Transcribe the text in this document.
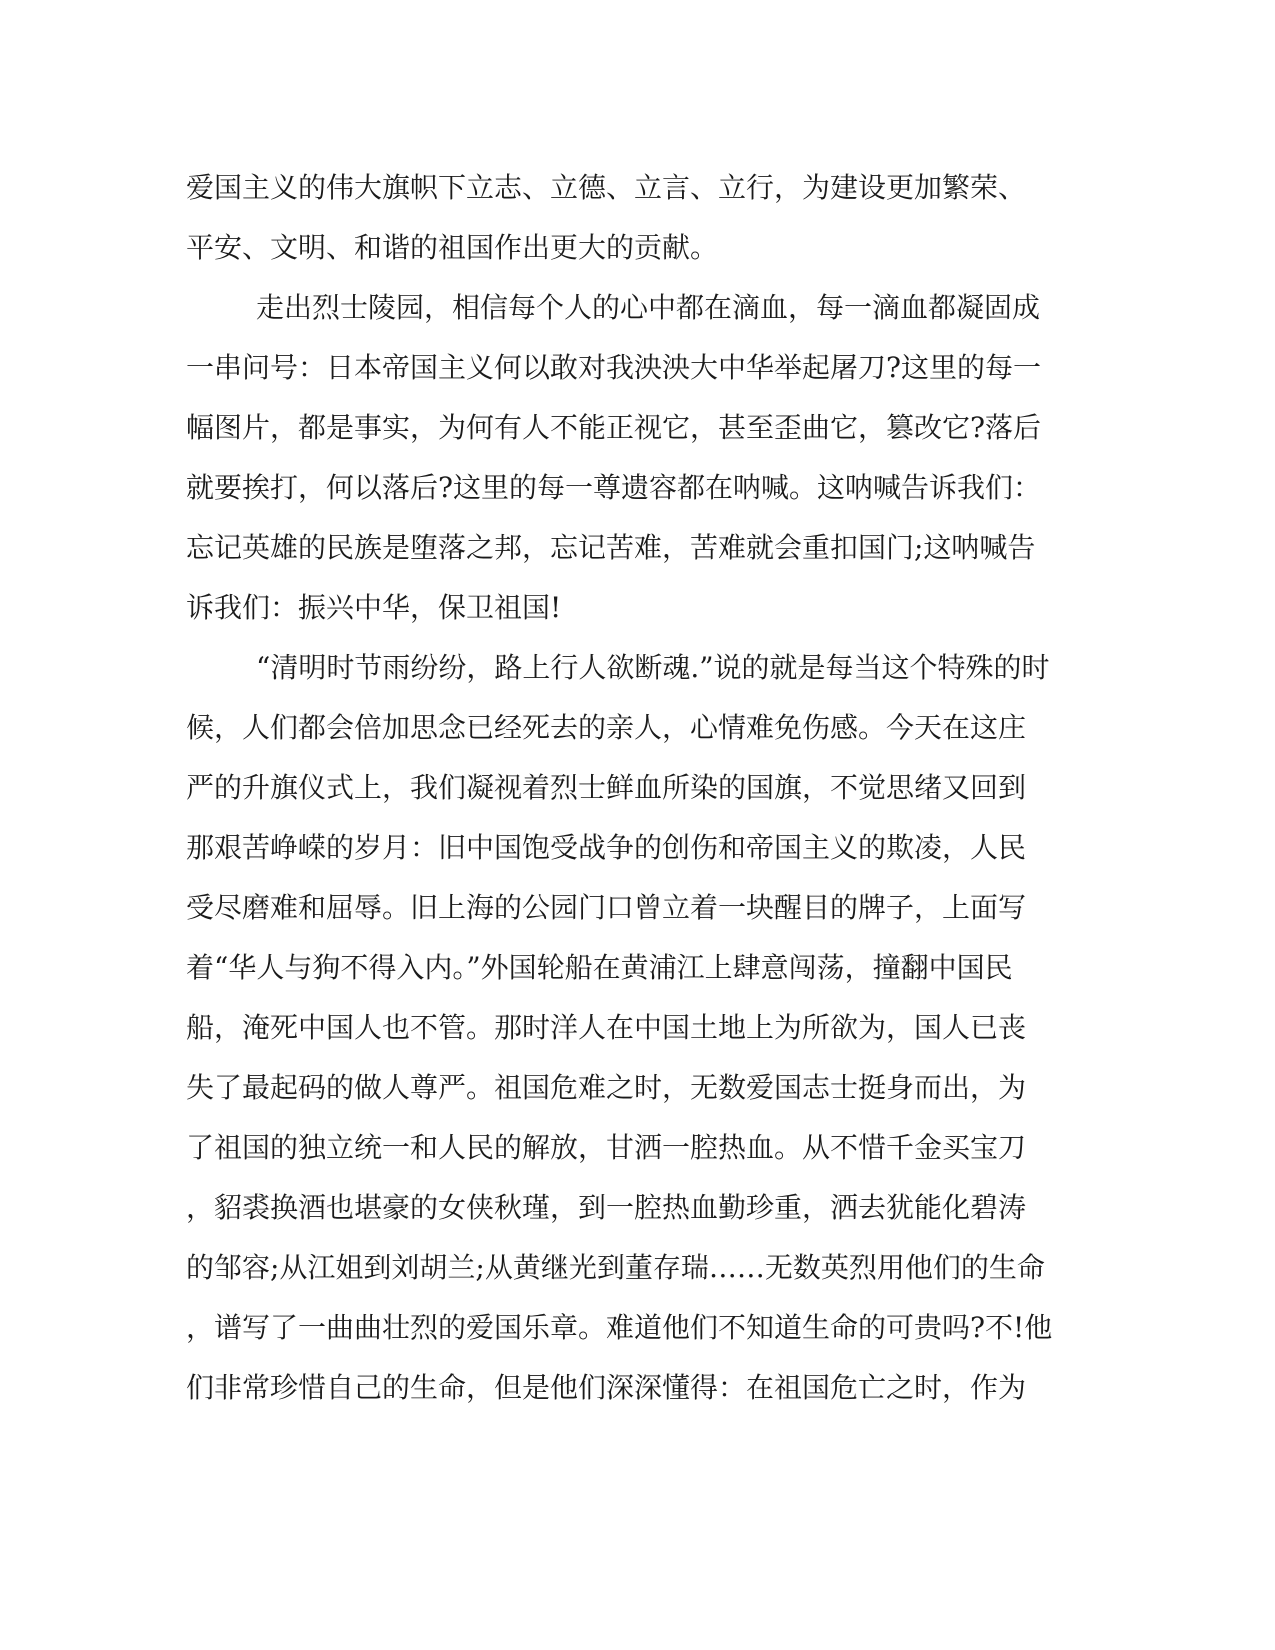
爱国主义的伟大旗帜下立志、立德、立言、立行，为建设更加繁荣、
平安、文明、和谐的祖国作出更大的贡献。
走出烈士陵园，相信每个人的心中都在滴血，每一滴血都凝固成
一串问号：日本帝国主义何以敢对我泱泱大中华举起屠刀?这里的每一
幅图片，都是事实，为何有人不能正视它，甚至歪曲它，篡改它?落后
就要挨打，何以落后?这里的每一尊遗容都在呐喊。这呐喊告诉我们：
忘记英雄的民族是堕落之邦，忘记苦难，苦难就会重扣国门;这呐喊告
诉我们：振兴中华，保卫祖国!
“清明时节雨纷纷，路上行人欲断魂.”说的就是每当这个特殊的时
候，人们都会倍加思念已经死去的亲人，心情难免伤感。今天在这庄
严的升旗仪式上，我们凝视着烈士鲜血所染的国旗，不觉思绪又回到
那艰苦峥嵘的岁月：旧中国饱受战争的创伤和帝国主义的欺凌，人民
受尽磨难和屈辱。旧上海的公园门口曾立着一块醒目的牌子，上面写
着“华人与狗不得入内。”外国轮船在黄浦江上肆意闯荡，撞翻中国民
船，淹死中国人也不管。那时洋人在中国土地上为所欲为，国人已丧
失了最起码的做人尊严。祖国危难之时，无数爱国志士挺身而出，为
了祖国的独立统一和人民的解放，甘洒一腔热血。从不惜千金买宝刀
，貂裘换酒也堪豪的女侠秋瑾，到一腔热血勤珍重，洒去犹能化碧涛
的邹容;从江姐到刘胡兰;从黄继光到董存瑞……无数英烈用他们的生命
，谱写了一曲曲壮烈的爱国乐章。难道他们不知道生命的可贵吗?不!他
们非常珍惜自己的生命，但是他们深深懂得：在祖国危亡之时，作为
